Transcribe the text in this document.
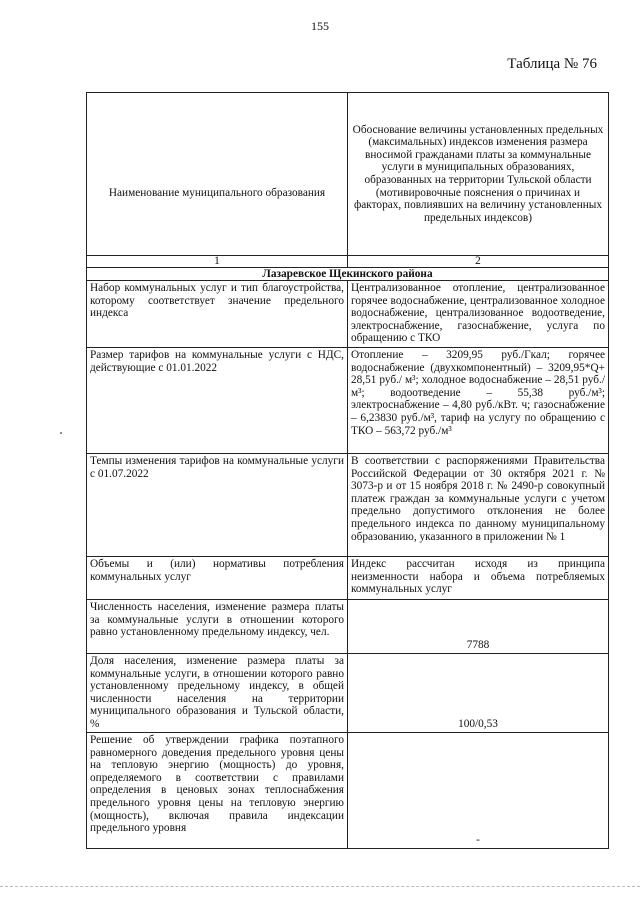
155
Таблица № 76
Наименование муниципального образования	Обоснование величины установленных предельных (максимальных) индексов изменения размера вносимой гражданами платы за коммунальные услуги в муниципальных образованиях, образованных на территории Тульской области (мотивировочные пояснения о причинах и факторах, повлиявших на величину установленных предельных индексов)
1	2
Лазаревское Щекинского района	
Набор коммунальных услуг и тип благоустройства, которому соответствует значение предельного индекса	Централизованное отопление, централизованное горячее водоснабжение, централизованное холодное водоснабжение, централизованное водоотведение, электроснабжение, газоснабжение, услуга по обращению с ТКО
Размер тарифов на коммунальные услуги с НДС, действующие с 01.01.2022	Отопление – 3209,95 руб./Гкал; горячее водоснабжение (двухкомпонентный) – 3209,95*Q+ 28,51 руб./ м³; холодное водоснабжение – 28,51 руб./м³; водоотведение – 55,38 руб./м³; электроснабжение – 4,80 руб./кВт. ч; газоснабжение – 6,23830 руб./м³, тариф на услугу по обращению с ТКО – 563,72 руб./м³
Темпы изменения тарифов на коммунальные услуги с 01.07.2022	В соответствии с распоряжениями Правительства Российской Федерации от 30 октября 2021 г. № 3073-р и от 15 ноября 2018 г. № 2490-р совокупный платеж граждан за коммунальные услуги с учетом предельно допустимого отклонения не более предельного индекса по данному муниципальному образованию, указанного в приложении № 1
Объемы и (или) нормативы потребления коммунальных услуг	Индекс рассчитан исходя из принципа неизменности набора и объема потребляемых коммунальных услуг
Численность населения, изменение размера платы за коммунальные услуги в отношении которого равно установленному предельному индексу, чел.	7788
Доля населения, изменение размера платы за коммунальные услуги, в отношении которого равно установленному предельному индексу, в общей численности населения на территории муниципального образования и Тульской области, %	100/0,53
Решение об утверждении графика поэтапного равномерного доведения предельного уровня цены на тепловую энергию (мощность) до уровня, определяемого в соответствии с правилами определения в ценовых зонах теплоснабжения предельного уровня цены на тепловую энергию (мощность), включая правила индексации предельного уровня	-
